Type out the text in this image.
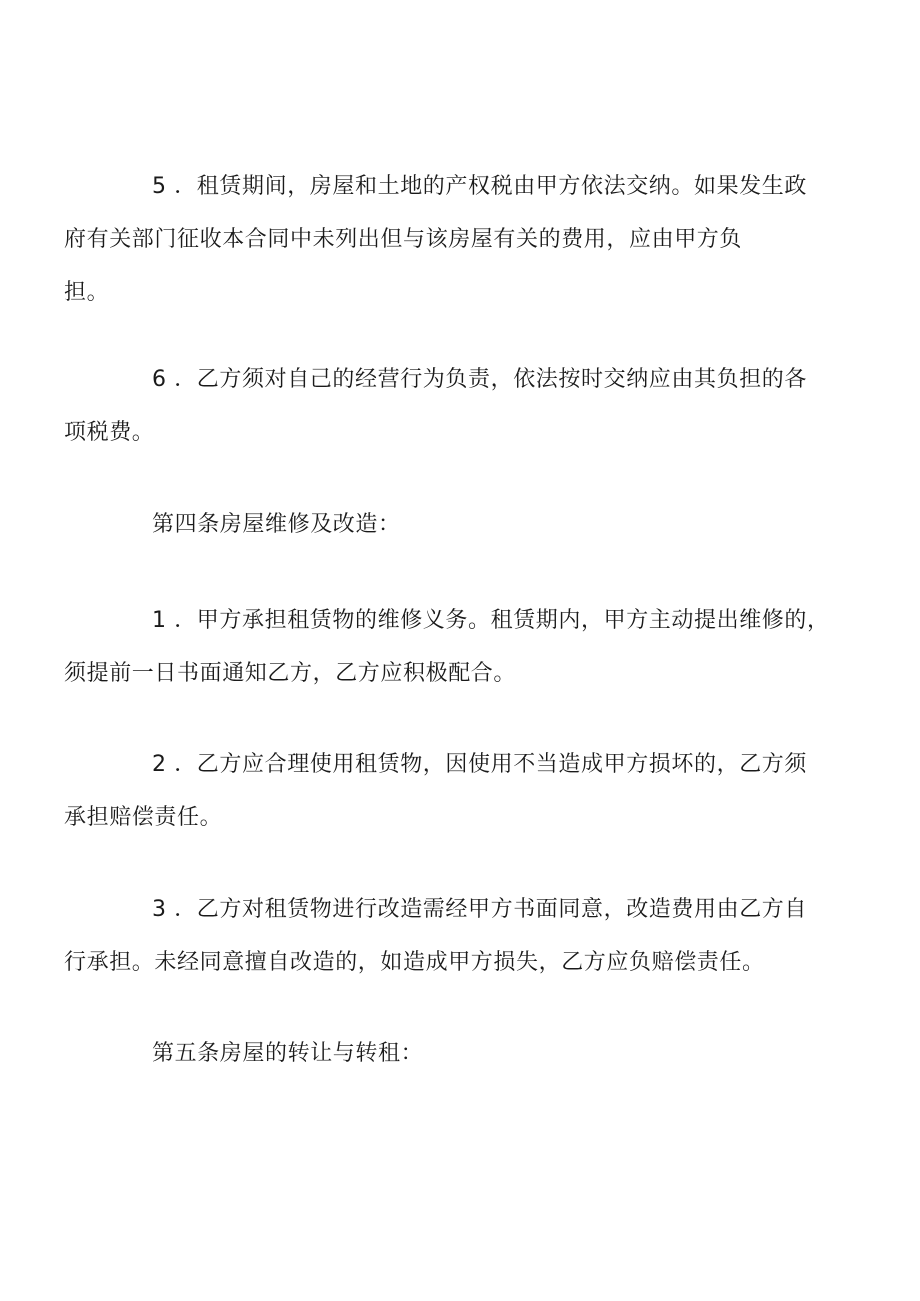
5 ．租赁期间，房屋和土地的产权税由甲方依法交纳。如果发生政
府有关部门征收本合同中未列出但与该房屋有关的费用，应由甲方负
担。
6 ．乙方须对自己的经营行为负责，依法按时交纳应由其负担的各
项税费。
第四条房屋维修及改造：
1 ．甲方承担租赁物的维修义务。租赁期内，甲方主动提出维修的，
须提前一日书面通知乙方，乙方应积极配合。
2 ．乙方应合理使用租赁物，因使用不当造成甲方损坏的，乙方须
承担赔偿责任。
3 ．乙方对租赁物进行改造需经甲方书面同意，改造费用由乙方自
行承担。未经同意擅自改造的，如造成甲方损失，乙方应负赔偿责任。
第五条房屋的转让与转租：
